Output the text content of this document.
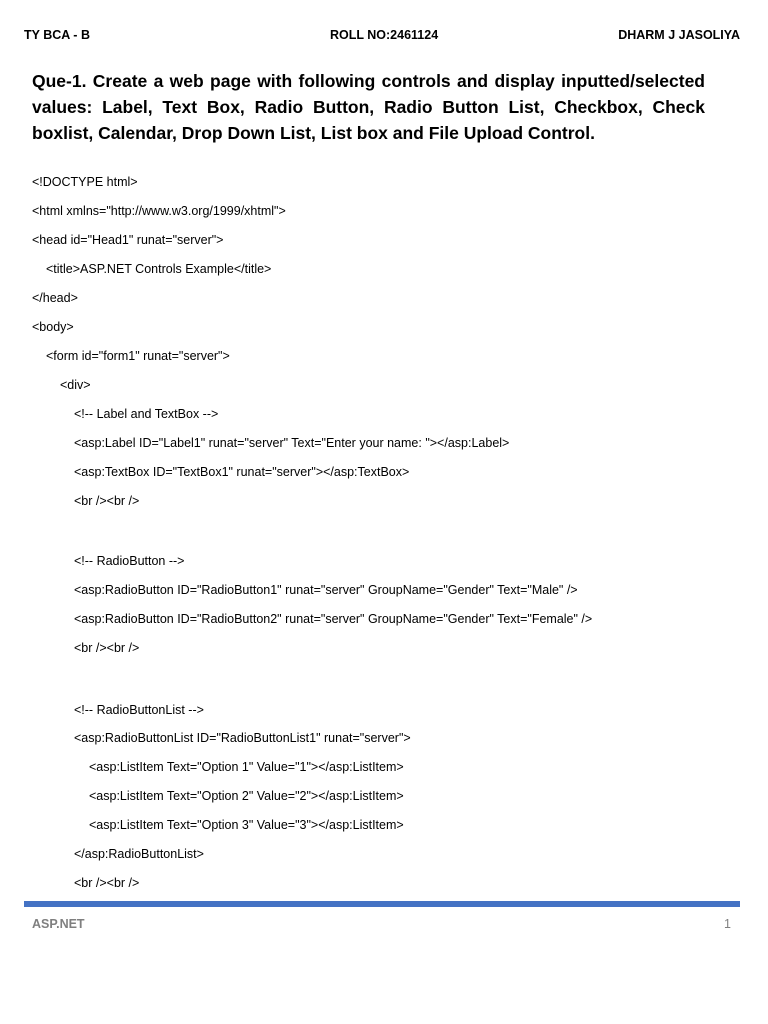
TY BCA - B	ROLL NO:2461124	DHARM J JASOLIYA
Que-1. Create a web page with following controls and display inputted/selected values: Label, Text Box, Radio Button, Radio Button List, Checkbox, Check boxlist, Calendar, Drop Down List, List box and File Upload Control.
<!DOCTYPE html>
<html xmlns="http://www.w3.org/1999/xhtml">
<head id="Head1" runat="server">
<title>ASP.NET Controls Example</title>
</head>
<body>
<form id="form1" runat="server">
<div>
<!-- Label and TextBox -->
<asp:Label ID="Label1" runat="server" Text="Enter your name: "></asp:Label>
<asp:TextBox ID="TextBox1" runat="server"></asp:TextBox>
<br /><br />
<!-- RadioButton -->
<asp:RadioButton ID="RadioButton1" runat="server" GroupName="Gender" Text="Male" />
<asp:RadioButton ID="RadioButton2" runat="server" GroupName="Gender" Text="Female" />
<br /><br />
<!-- RadioButtonList -->
<asp:RadioButtonList ID="RadioButtonList1" runat="server">
<asp:ListItem Text="Option 1" Value="1"></asp:ListItem>
<asp:ListItem Text="Option 2" Value="2"></asp:ListItem>
<asp:ListItem Text="Option 3" Value="3"></asp:ListItem>
</asp:RadioButtonList>
<br /><br />
ASP.NET	1
